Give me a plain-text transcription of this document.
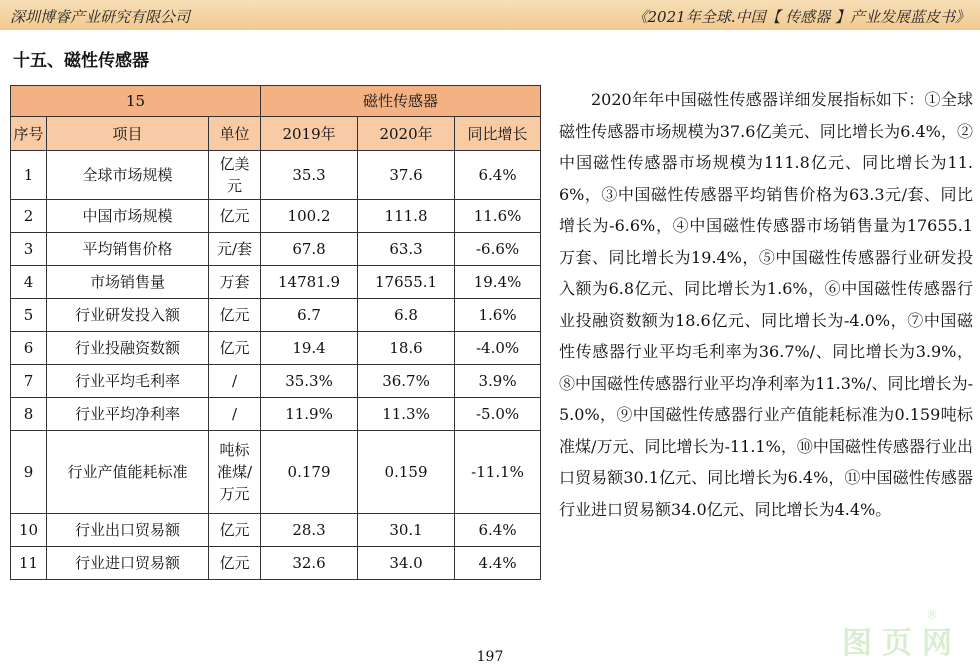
深圳博睿产业研究有限公司	《2021年全球.中国【 传感器 】产业发展蓝皮书》
十五、磁性传感器
15			磁性传感器		
序号	项目	单位	2019年	2020年	同比增长
1	全球市场规模	亿美元	35.3	37.6	6.4%
2	中国市场规模	亿元	100.2	111.8	11.6%
3	平均销售价格	元/套	67.8	63.3	-6.6%
4	市场销售量	万套	14781.9	17655.1	19.4%
5	行业研发投入额	亿元	6.7	6.8	1.6%
6	行业投融资数额	亿元	19.4	18.6	-4.0%
7	行业平均毛利率	/	35.3%	36.7%	3.9%
8	行业平均净利率	/	11.9%	11.3%	-5.0%
9	行业产值能耗标准	吨标准煤/万元	0.179	0.159	-11.1%
10	行业出口贸易额	亿元	28.3	30.1	6.4%
11	行业进口贸易额	亿元	32.6	34.0	4.4%
2020年年中国磁性传感器详细发展指标如下：①全球磁性传感器市场规模为37.6亿美元、同比增长为6.4%，②中国磁性传感器市场规模为111.8亿元、同比增长为11.6%，③中国磁性传感器平均销售价格为63.3元/套、同比增长为-6.6%，④中国磁性传感器市场销售量为17655.1万套、同比增长为19.4%，⑤中国磁性传感器行业研发投入额为6.8亿元、同比增长为1.6%，⑥中国磁性传感器行业投融资数额为18.6亿元、同比增长为-4.0%，⑦中国磁性传感器行业平均毛利率为36.7%/、同比增长为3.9%，⑧中国磁性传感器行业平均净利率为11.3%/、同比增长为-5.0%，⑨中国磁性传感器行业产值能耗标准为0.159吨标准煤/万元、同比增长为-11.1%，⑩中国磁性传感器行业出口贸易额30.1亿元、同比增长为6.4%，⑪中国磁性传感器行业进口贸易额34.0亿元、同比增长为4.4%。
197	图页网
®
